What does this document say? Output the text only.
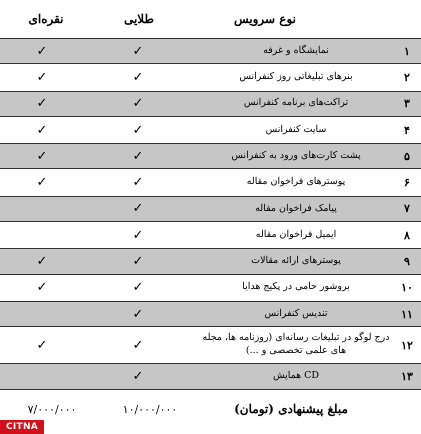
نوع سرویس
طلایی
نقره‌ای
۱
نمایشگاه و غرفه
✓
✓
۲
بنرهای تبلیغاتی روز کنفرانس
✓
✓
۳
تراکت‌های برنامه کنفرانس
✓
✓
۴
سایت کنفرانس
✓
✓
۵
پشت کارت‌های ورود به کنفرانس
✓
✓
۶
پوسترهای فراخوان مقاله
✓
✓
۷
پیامک فراخوان مقاله
✓
۸
ایمیل فراخوان مقاله
✓
۹
پوسترهای ارائه مقالات
✓
✓
۱۰
بروشور حامی در پکیج هدایا
✓
✓
۱۱
تندیس کنفرانس
✓
۱۲
درج لوگو در تبلیغات رسانه‌ای (روزنامه ها، مجله های علمی تخصصی و ...)
✓
✓
۱۳
CD همایش
✓
مبلغ پیشنهادی (تومان)
۱۰/۰۰۰/۰۰۰
۷/۰۰۰/۰۰۰
CITNA
